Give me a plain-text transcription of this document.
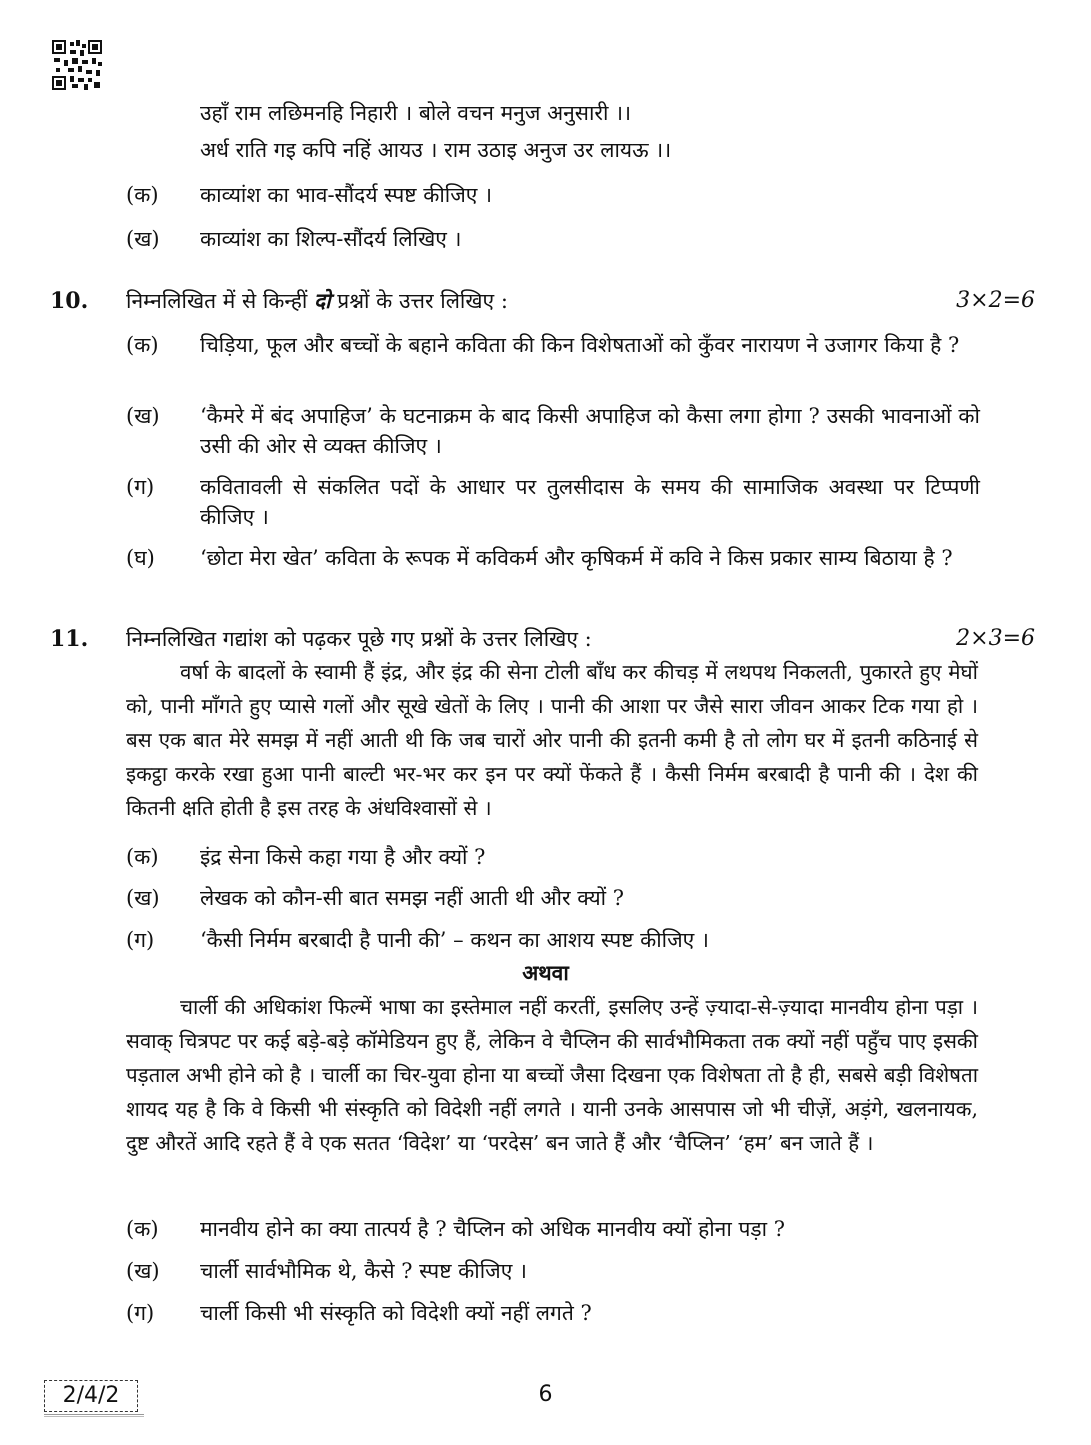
उहाँ राम लछिमनहि निहारी । बोले वचन मनुज अनुसारी ।।
अर्ध राति गइ कपि नहिं आयउ । राम उठाइ अनुज उर लायऊ ।।
(क) काव्यांश का भाव-सौंदर्य स्पष्ट कीजिए ।
(ख) काव्यांश का शिल्प-सौंदर्य लिखिए ।
10. निम्नलिखित में से किन्हीं दो प्रश्नों के उत्तर लिखिए :	3×2=6
(क) चिड़िया, फूल और बच्चों के बहाने कविता की किन विशेषताओं को कुँवर नारायण ने उजागर किया है ?
(ख) ‘कैमरे में बंद अपाहिज’ के घटनाक्रम के बाद किसी अपाहिज को कैसा लगा होगा ? उसकी भावनाओं को उसी की ओर से व्यक्त कीजिए ।
(ग) कवितावली से संकलित पदों के आधार पर तुलसीदास के समय की सामाजिक अवस्था पर टिप्पणी कीजिए ।
(घ) ‘छोटा मेरा खेत’ कविता के रूपक में कविकर्म और कृषिकर्म में कवि ने किस प्रकार साम्य बिठाया है ?
11. निम्नलिखित गद्यांश को पढ़कर पूछे गए प्रश्नों के उत्तर लिखिए :	2×3=6
वर्षा के बादलों के स्वामी हैं इंद्र, और इंद्र की सेना टोली बाँध कर कीचड़ में लथपथ निकलती, पुकारते हुए मेघों को, पानी माँगते हुए प्यासे गलों और सूखे खेतों के लिए । पानी की आशा पर जैसे सारा जीवन आकर टिक गया हो । बस एक बात मेरे समझ में नहीं आती थी कि जब चारों ओर पानी की इतनी कमी है तो लोग घर में इतनी कठिनाई से इकट्ठा करके रखा हुआ पानी बाल्टी भर-भर कर इन पर क्यों फेंकते हैं । कैसी निर्मम बरबादी है पानी की । देश की कितनी क्षति होती है इस तरह के अंधविश्वासों से ।
(क) इंद्र सेना किसे कहा गया है और क्यों ?
(ख) लेखक को कौन-सी बात समझ नहीं आती थी और क्यों ?
(ग) ‘कैसी निर्मम बरबादी है पानी की’ – कथन का आशय स्पष्ट कीजिए ।
अथवा
चार्ली की अधिकांश फिल्में भाषा का इस्तेमाल नहीं करतीं, इसलिए उन्हें ज़्यादा-से-ज़्यादा मानवीय होना पड़ा । सवाक् चित्रपट पर कई बड़े-बड़े कॉमेडियन हुए हैं, लेकिन वे चैप्लिन की सार्वभौमिकता तक क्यों नहीं पहुँच पाए इसकी पड़ताल अभी होने को है । चार्ली का चिर-युवा होना या बच्चों जैसा दिखना एक विशेषता तो है ही, सबसे बड़ी विशेषता शायद यह है कि वे किसी भी संस्कृति को विदेशी नहीं लगते । यानी उनके आसपास जो भी चीज़ें, अड़ंगे, खलनायक, दुष्ट औरतें आदि रहते हैं वे एक सतत ‘विदेश’ या ‘परदेस’ बन जाते हैं और ‘चैप्लिन’ ‘हम’ बन जाते हैं ।
(क) मानवीय होने का क्या तात्पर्य है ? चैप्लिन को अधिक मानवीय क्यों होना पड़ा ?
(ख) चार्ली सार्वभौमिक थे, कैसे ? स्पष्ट कीजिए ।
(ग) चार्ली किसी भी संस्कृति को विदेशी क्यों नहीं लगते ?
2/4/2	6
